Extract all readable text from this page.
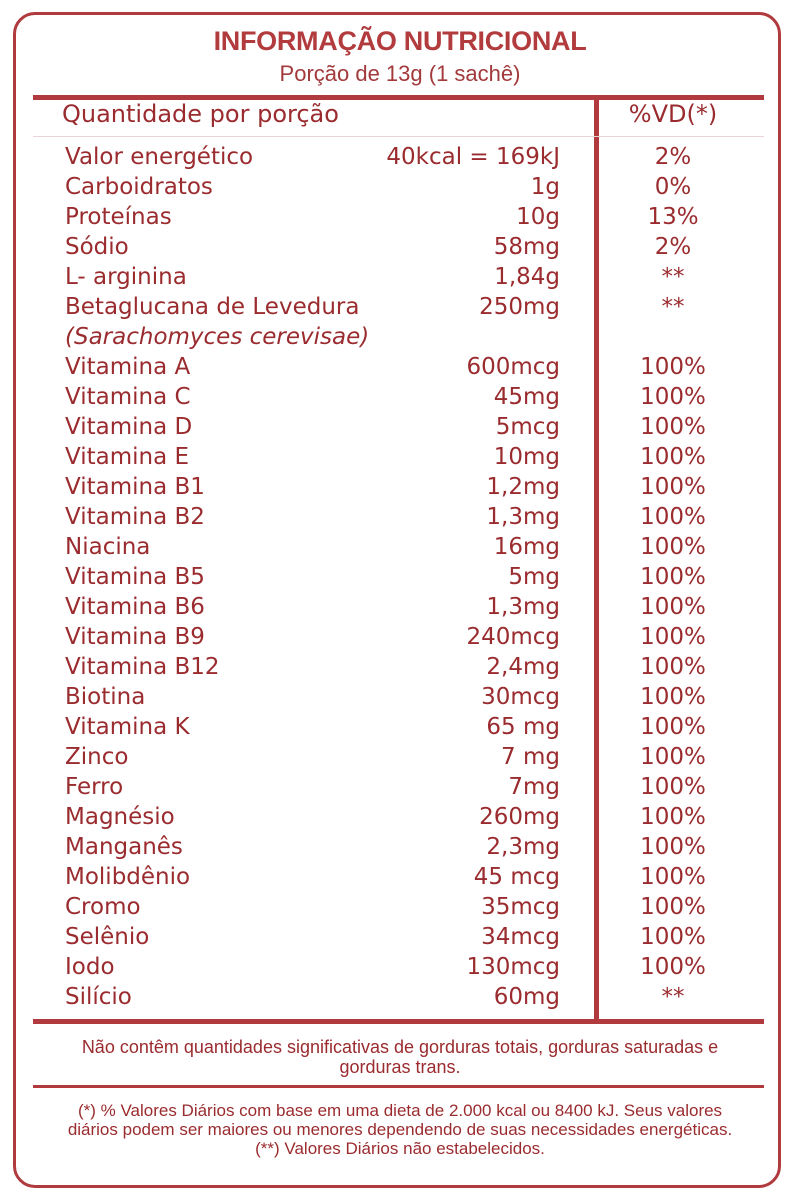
INFORMAÇÃO NUTRICIONAL
Porção de 13g (1 sachê)
Quantidade por porção	%VD(*)
Valor energético	40kcal = 169kJ	2%
Carboidratos	1g	0%
Proteínas	10g	13%
Sódio	58mg	2%
L- arginina	1,84g	**
Betaglucana de Levedura	250mg	**
(Sarachomyces cerevisae)
Vitamina A	600mcg	100%
Vitamina C	45mg	100%
Vitamina D	5mcg	100%
Vitamina E	10mg	100%
Vitamina B1	1,2mg	100%
Vitamina B2	1,3mg	100%
Niacina	16mg	100%
Vitamina B5	5mg	100%
Vitamina B6	1,3mg	100%
Vitamina B9	240mcg	100%
Vitamina B12	2,4mg	100%
Biotina	30mcg	100%
Vitamina K	65 mg	100%
Zinco	7 mg	100%
Ferro	7mg	100%
Magnésio	260mg	100%
Manganês	2,3mg	100%
Molibdênio	45 mcg	100%
Cromo	35mcg	100%
Selênio	34mcg	100%
Iodo	130mcg	100%
Silício	60mg	**
Não contêm quantidades significativas de gorduras totais, gorduras saturadas e gorduras trans.
(*) % Valores Diários com base em uma dieta de 2.000 kcal ou 8400 kJ. Seus valores diários podem ser maiores ou menores dependendo de suas necessidades energéticas. (**) Valores Diários não estabelecidos.
